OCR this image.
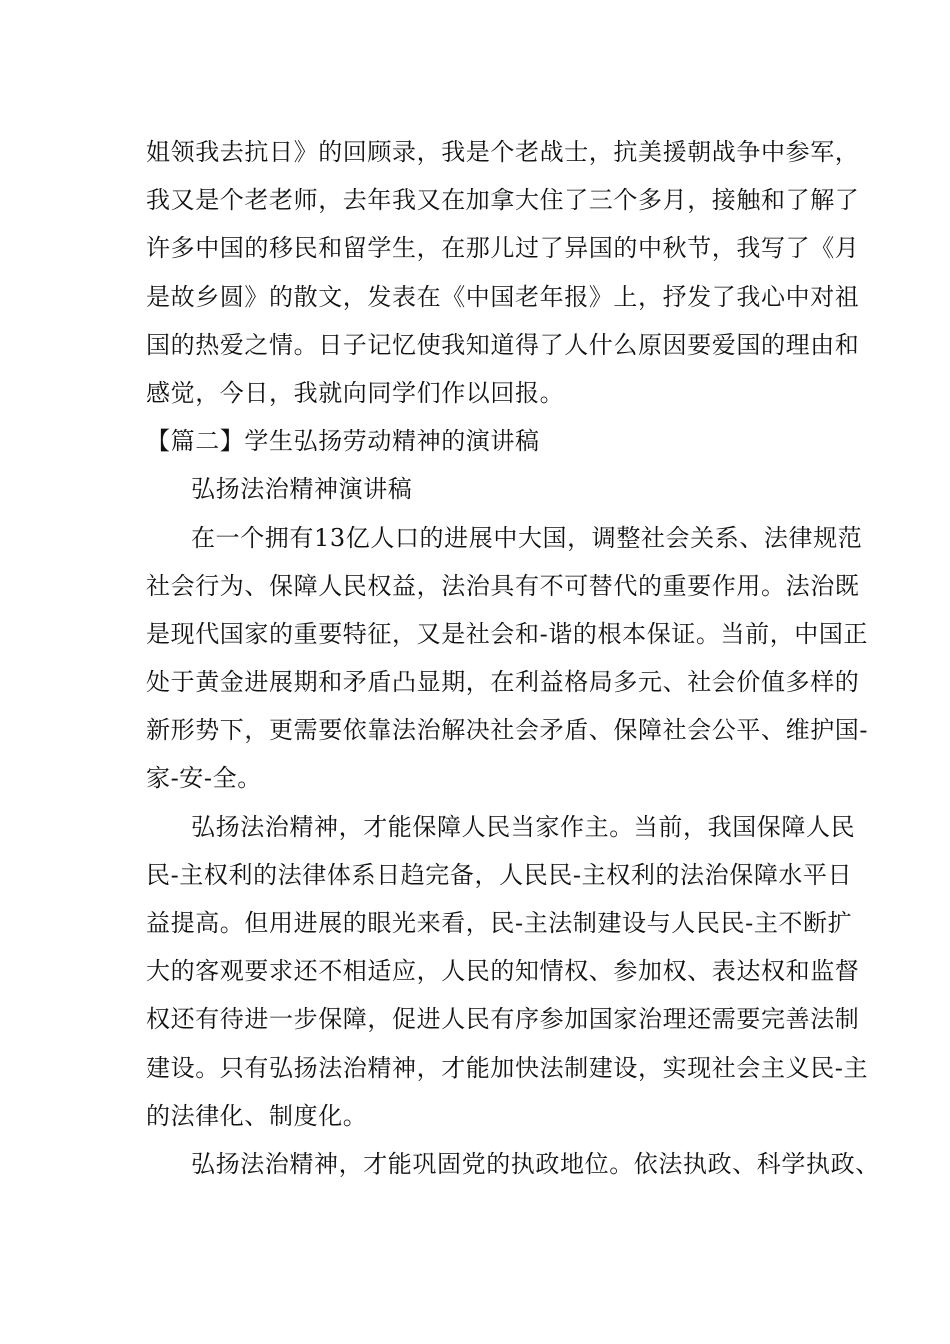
姐领我去抗日》的回顾录，我是个老战士，抗美援朝战争中参军，
我又是个老老师，去年我又在加拿大住了三个多月，接触和了解了
许多中国的移民和留学生，在那儿过了异国的中秋节，我写了《月
是故乡圆》的散文，发表在《中国老年报》上，抒发了我心中对祖
国的热爱之情。日子记忆使我知道得了人什么原因要爱国的理由和
感觉，今日，我就向同学们作以回报。
【篇二】学生弘扬劳动精神的演讲稿
弘扬法治精神演讲稿
在一个拥有13亿人口的进展中大国，调整社会关系、法律规范
社会行为、保障人民权益，法治具有不可替代的重要作用。法治既
是现代国家的重要特征，又是社会和-谐的根本保证。当前，中国正
处于黄金进展期和矛盾凸显期，在利益格局多元、社会价值多样的
新形势下，更需要依靠法治解决社会矛盾、保障社会公平、维护国-
家-安-全。
弘扬法治精神，才能保障人民当家作主。当前，我国保障人民
民-主权利的法律体系日趋完备，人民民-主权利的法治保障水平日
益提高。但用进展的眼光来看，民-主法制建设与人民民-主不断扩
大的客观要求还不相适应，人民的知情权、参加权、表达权和监督
权还有待进一步保障，促进人民有序参加国家治理还需要完善法制
建设。只有弘扬法治精神，才能加快法制建设，实现社会主义民-主
的法律化、制度化。
弘扬法治精神，才能巩固党的执政地位。依法执政、科学执政、
